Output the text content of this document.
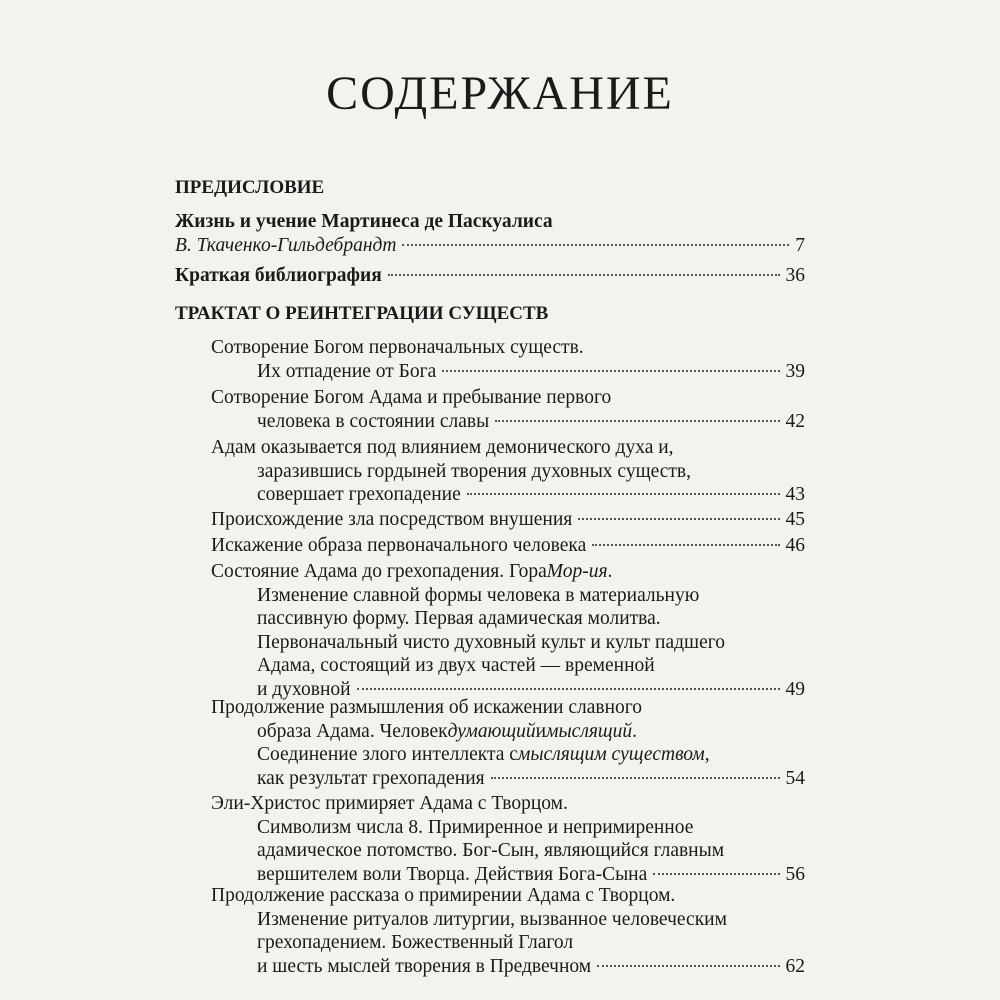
СОДЕРЖАНИЕ
ПРЕДИСЛОВИЕ
Жизнь и учение Мартинеса де Паскуалиса
В. Ткаченко-Гильдебрандт	7
Краткая библиография	36
ТРАКТАТ О РЕИНТЕГРАЦИИ СУЩЕСТВ
Сотворение Богом первоначальных существ.
Их отпадение от Бога	39
Сотворение Богом Адама и пребывание первого
человека в состоянии славы	42
Адам оказывается под влиянием демонического духа и,
заразившись гордыней творения духовных существ,
совершает грехопадение	43
Происхождение зла посредством внушения	45
Искажение образа первоначального человека	46
Состояние Адама до грехопадения. Гора Мор-ия .
Изменение славной формы человека в материальную
пассивную форму. Первая адамическая молитва.
Первоначальный чисто духовный культ и культ падшего
Адама, состоящий из двух частей — временной
и духовной	49
Продолжение размышления об искажении славного
образа Адама. Человек думающий и мыслящий .
Соединение злого интеллекта с мыслящим существом ,
как результат грехопадения	54
Эли-Христос примиряет Адама с Творцом.
Символизм числа 8. Примиренное и непримиренное
адамическое потомство. Бог-Сын, являющийся главным
вершителем воли Творца. Действия Бога-Сына	56
Продолжение рассказа о примирении Адама с Творцом.
Изменение ритуалов литургии, вызванное человеческим
грехопадением. Божественный Глагол
и шесть мыслей творения в Предвечном	62
